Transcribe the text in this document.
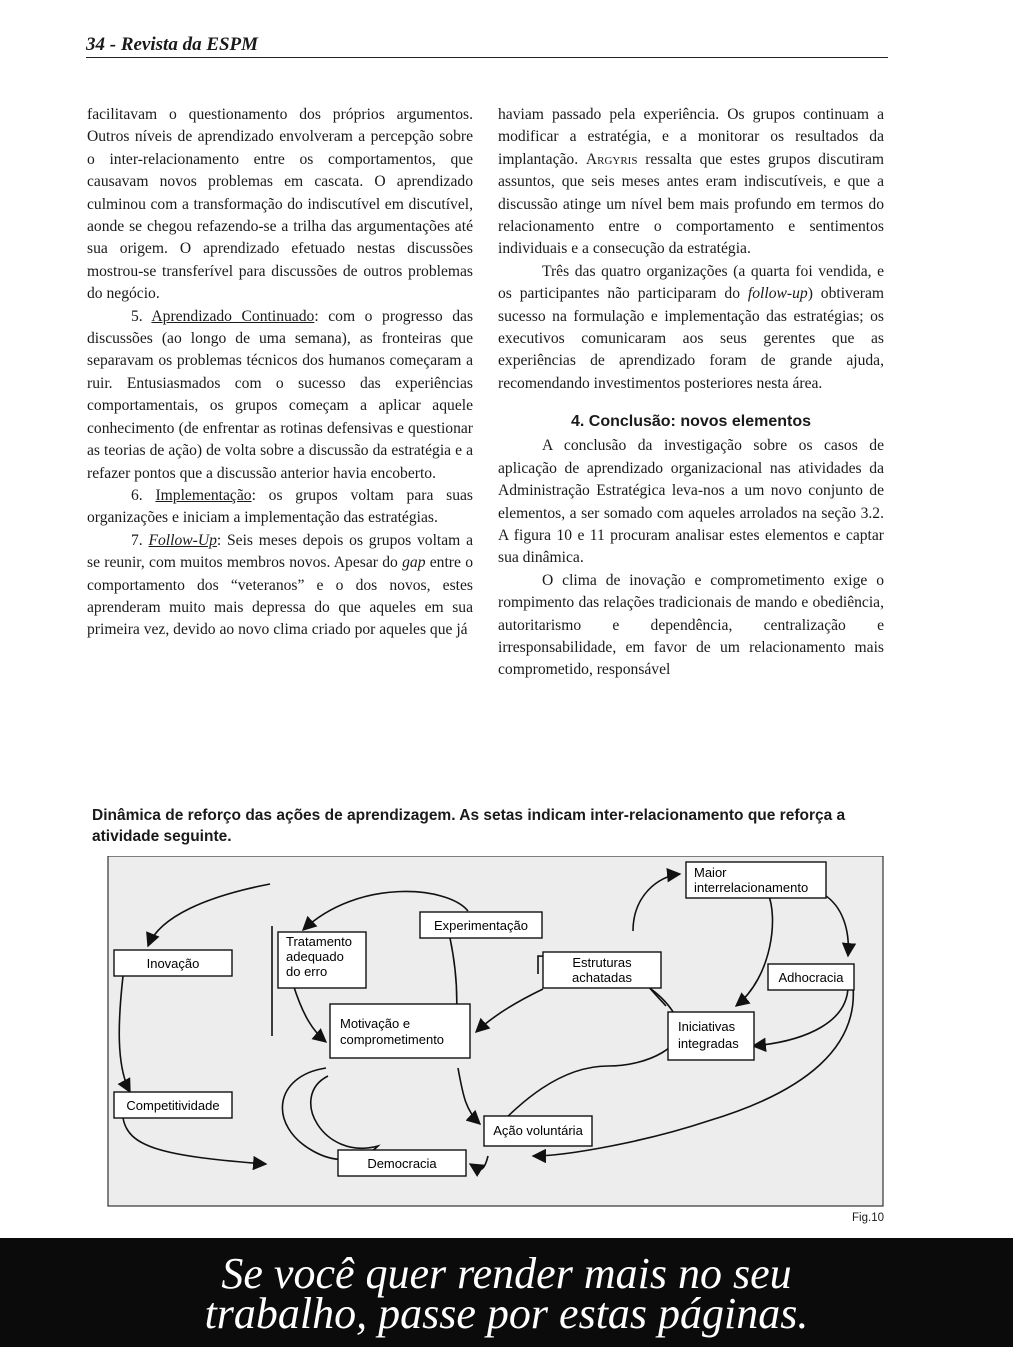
34 - Revista da ESPM

facilitavam o questionamento dos próprios argumentos. Outros níveis de aprendizado envolveram a percepção sobre o inter-relacionamento entre os comportamentos, que causavam novos problemas em cascata. O aprendizado culminou com a transformação do indiscutível em discutível, aonde se chegou refazendo-se a trilha das argumentações até sua origem. O aprendizado efetuado nestas discussões mostrou-se transferível para discussões de outros problemas do negócio.

5. Aprendizado Continuado: com o progresso das discussões (ao longo de uma semana), as fronteiras que separavam os problemas técnicos dos humanos começaram a ruir. Entusiasmados com o sucesso das experiências comportamentais, os grupos começam a aplicar aquele conhecimento (de enfrentar as rotinas defensivas e questionar as teorias de ação) de volta sobre a discussão da estratégia e a refazer pontos que a discussão anterior havia encoberto.

6. Implementação: os grupos voltam para suas organizações e iniciam a implementação das estratégias.

7. Follow-Up: Seis meses depois os grupos voltam a se reunir, com muitos membros novos. Apesar do gap entre o comportamento dos “veteranos” e o dos novos, estes aprenderam muito mais depressa do que aqueles em sua primeira vez, devido ao novo clima criado por aqueles que já

haviam passado pela experiência. Os grupos continuam a modificar a estratégia, e a monitorar os resultados da implantação. Argyris ressalta que estes grupos discutiram assuntos, que seis meses antes eram indiscutíveis, e que a discussão atinge um nível bem mais profundo em termos do relacionamento entre o comportamento e sentimentos individuais e a consecução da estratégia.

Três das quatro organizações (a quarta foi vendida, e os participantes não participaram do follow-up) obtiveram sucesso na formulação e implementação das estratégias; os executivos comunicaram aos seus gerentes que as experiências de aprendizado foram de grande ajuda, recomendando investimentos posteriores nesta área.

4. Conclusão: novos elementos

A conclusão da investigação sobre os casos de aplicação de aprendizado organizacional nas atividades da Administração Estratégica leva-nos a um novo conjunto de elementos, a ser somado com aqueles arrolados na seção 3.2. A figura 10 e 11 procuram analisar estes elementos e captar sua dinâmica.

O clima de inovação e comprometimento exige o rompimento das relações tradicionais de mando e obediência, autoritarismo e dependência, centralização e irresponsabilidade, em favor de um relacionamento mais comprometido, responsável

Dinâmica de reforço das ações de aprendizagem. As setas indicam inter-relacionamento que reforça a atividade seguinte.
Inovação
Competitividade
Tratamento
adequado
do erro
Experimentação
Motivação e
comprometimento
Estruturas
achatadas
Maior
interrelacionamento
Adhocracia
Iniciativas
integradas
Ação voluntária
Democracia
Fig.10
Se você quer render mais no seu
trabalho, passe por estas páginas.
